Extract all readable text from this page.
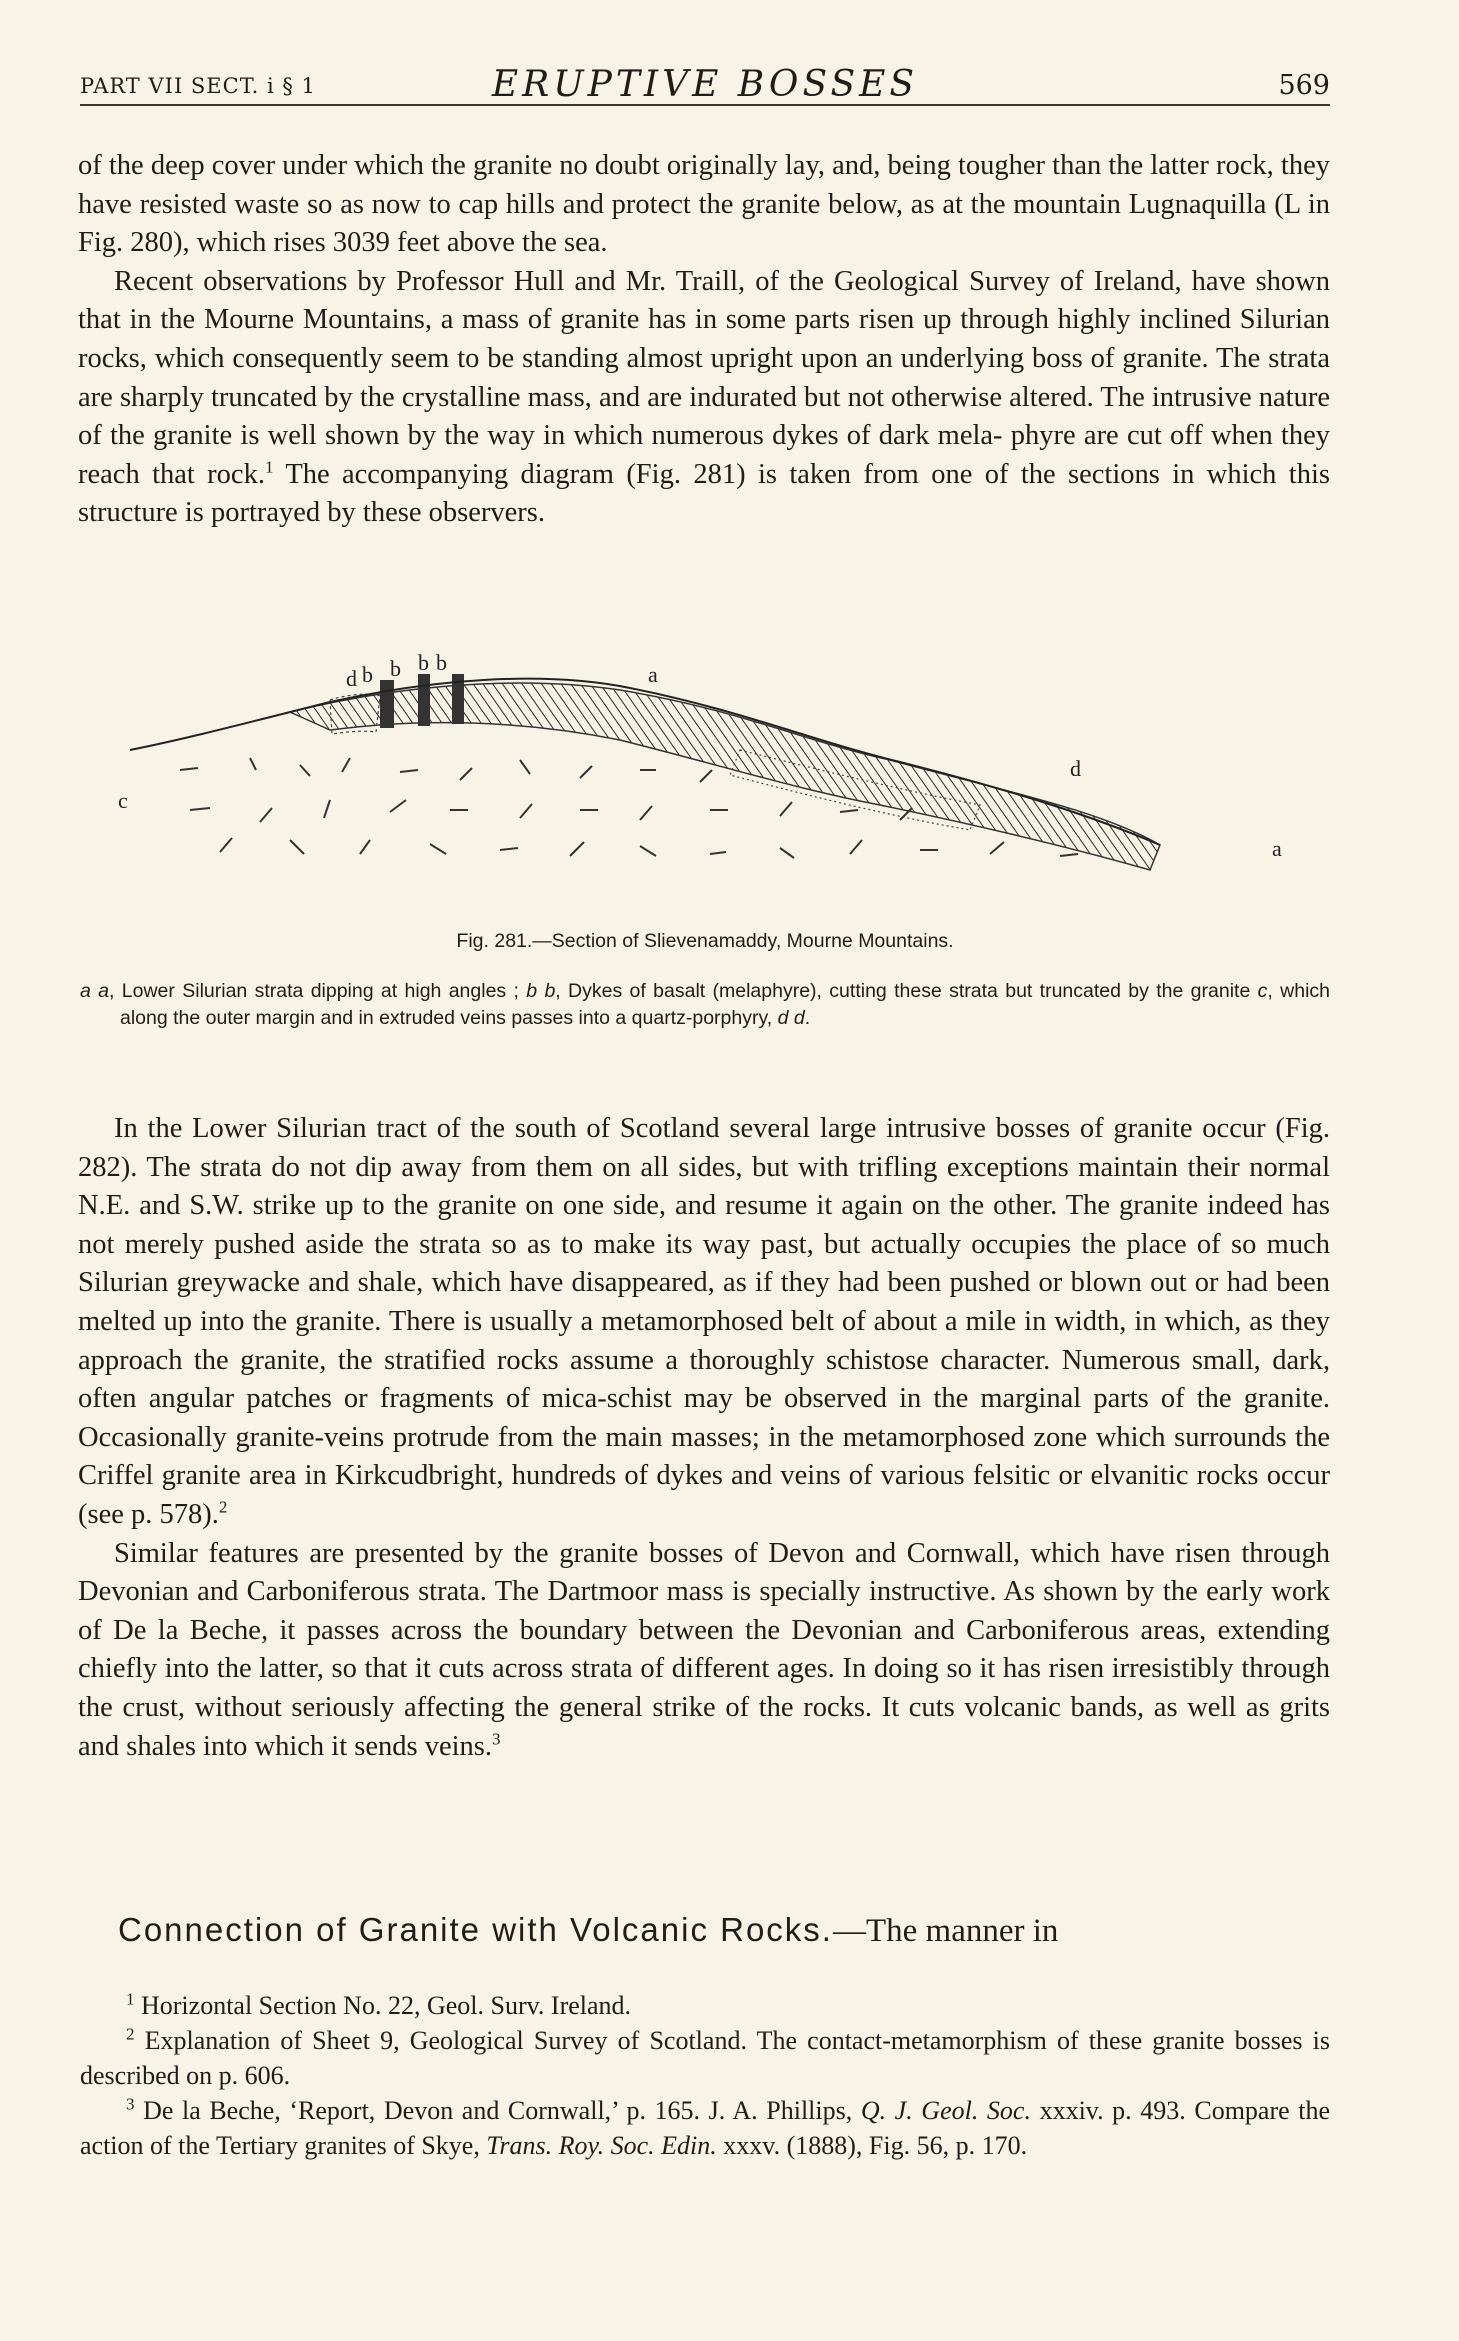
PART VII SECT. i § 1	ERUPTIVE BOSSES	569

of the deep cover under which the granite no doubt originally lay, and, being tougher than the latter rock, they have resisted waste so as now to cap hills and protect the granite below, as at the mountain Lugnaquilla (L in Fig. 280), which rises 3039 feet above the sea.

Recent observations by Professor Hull and Mr. Traill, of the Geological Survey of Ireland, have shown that in the Mourne Mountains, a mass of granite has in some parts risen up through highly inclined Silurian rocks, which consequently seem to be standing almost upright upon an underlying boss of granite. The strata are sharply truncated by the crystalline mass, and are indurated but not otherwise altered. The intrusive nature of the granite is well shown by the way in which numerous dykes of dark mela- phyre are cut off when they reach that rock.$^1$ The accompanying diagram (Fig. 281) is taken from one of the sections in which this structure is portrayed by these observers.

d b b b b	a
c
d
a
Fig. 281.—Section of Slievenamaddy, Mourne Mountains.
a a, Lower Silurian strata dipping at high angles ; b b, Dykes of basalt (melaphyre), cutting these strata but truncated by the granite c, which along the outer margin and in extruded veins passes into a quartz-porphyry, d d.

In the Lower Silurian tract of the south of Scotland several large intrusive bosses of granite occur (Fig. 282). The strata do not dip away from them on all sides, but with trifling exceptions maintain their normal N.E. and S.W. strike up to the granite on one side, and resume it again on the other. The granite indeed has not merely pushed aside the strata so as to make its way past, but actually occupies the place of so much Silurian greywacke and shale, which have disappeared, as if they had been pushed or blown out or had been melted up into the granite. There is usually a metamorphosed belt of about a mile in width, in which, as they approach the granite, the stratified rocks assume a thoroughly schistose character. Numerous small, dark, often angular patches or fragments of mica-schist may be observed in the marginal parts of the granite. Occasionally granite-veins protrude from the main masses; in the metamorphosed zone which surrounds the Criffel granite area in Kirkcudbright, hundreds of dykes and veins of various felsitic or elvanitic rocks occur (see p. 578).$^2$

Similar features are presented by the granite bosses of Devon and Cornwall, which have risen through Devonian and Carboniferous strata. The Dartmoor mass is specially instructive. As shown by the early work of De la Beche, it passes across the boundary between the Devonian and Carboniferous areas, extending chiefly into the latter, so that it cuts across strata of different ages. In doing so it has risen irresistibly through the crust, without seriously affecting the general strike of the rocks. It cuts volcanic bands, as well as grits and shales into which it sends veins.$^3$

Connection of Granite with Volcanic Rocks.—The manner in

$^1$ Horizontal Section No. 22, Geol. Surv. Ireland.

$^2$ Explanation of Sheet 9, Geological Survey of Scotland. The contact-metamorphism of these granite bosses is described on p. 606.

$^3$ De la Beche, ‘Report, Devon and Cornwall,’ p. 165. J. A. Phillips, Q. J. Geol. Soc. xxxiv. p. 493. Compare the action of the Tertiary granites of Skye, Trans. Roy. Soc. Edin. xxxv. (1888), Fig. 56, p. 170.
